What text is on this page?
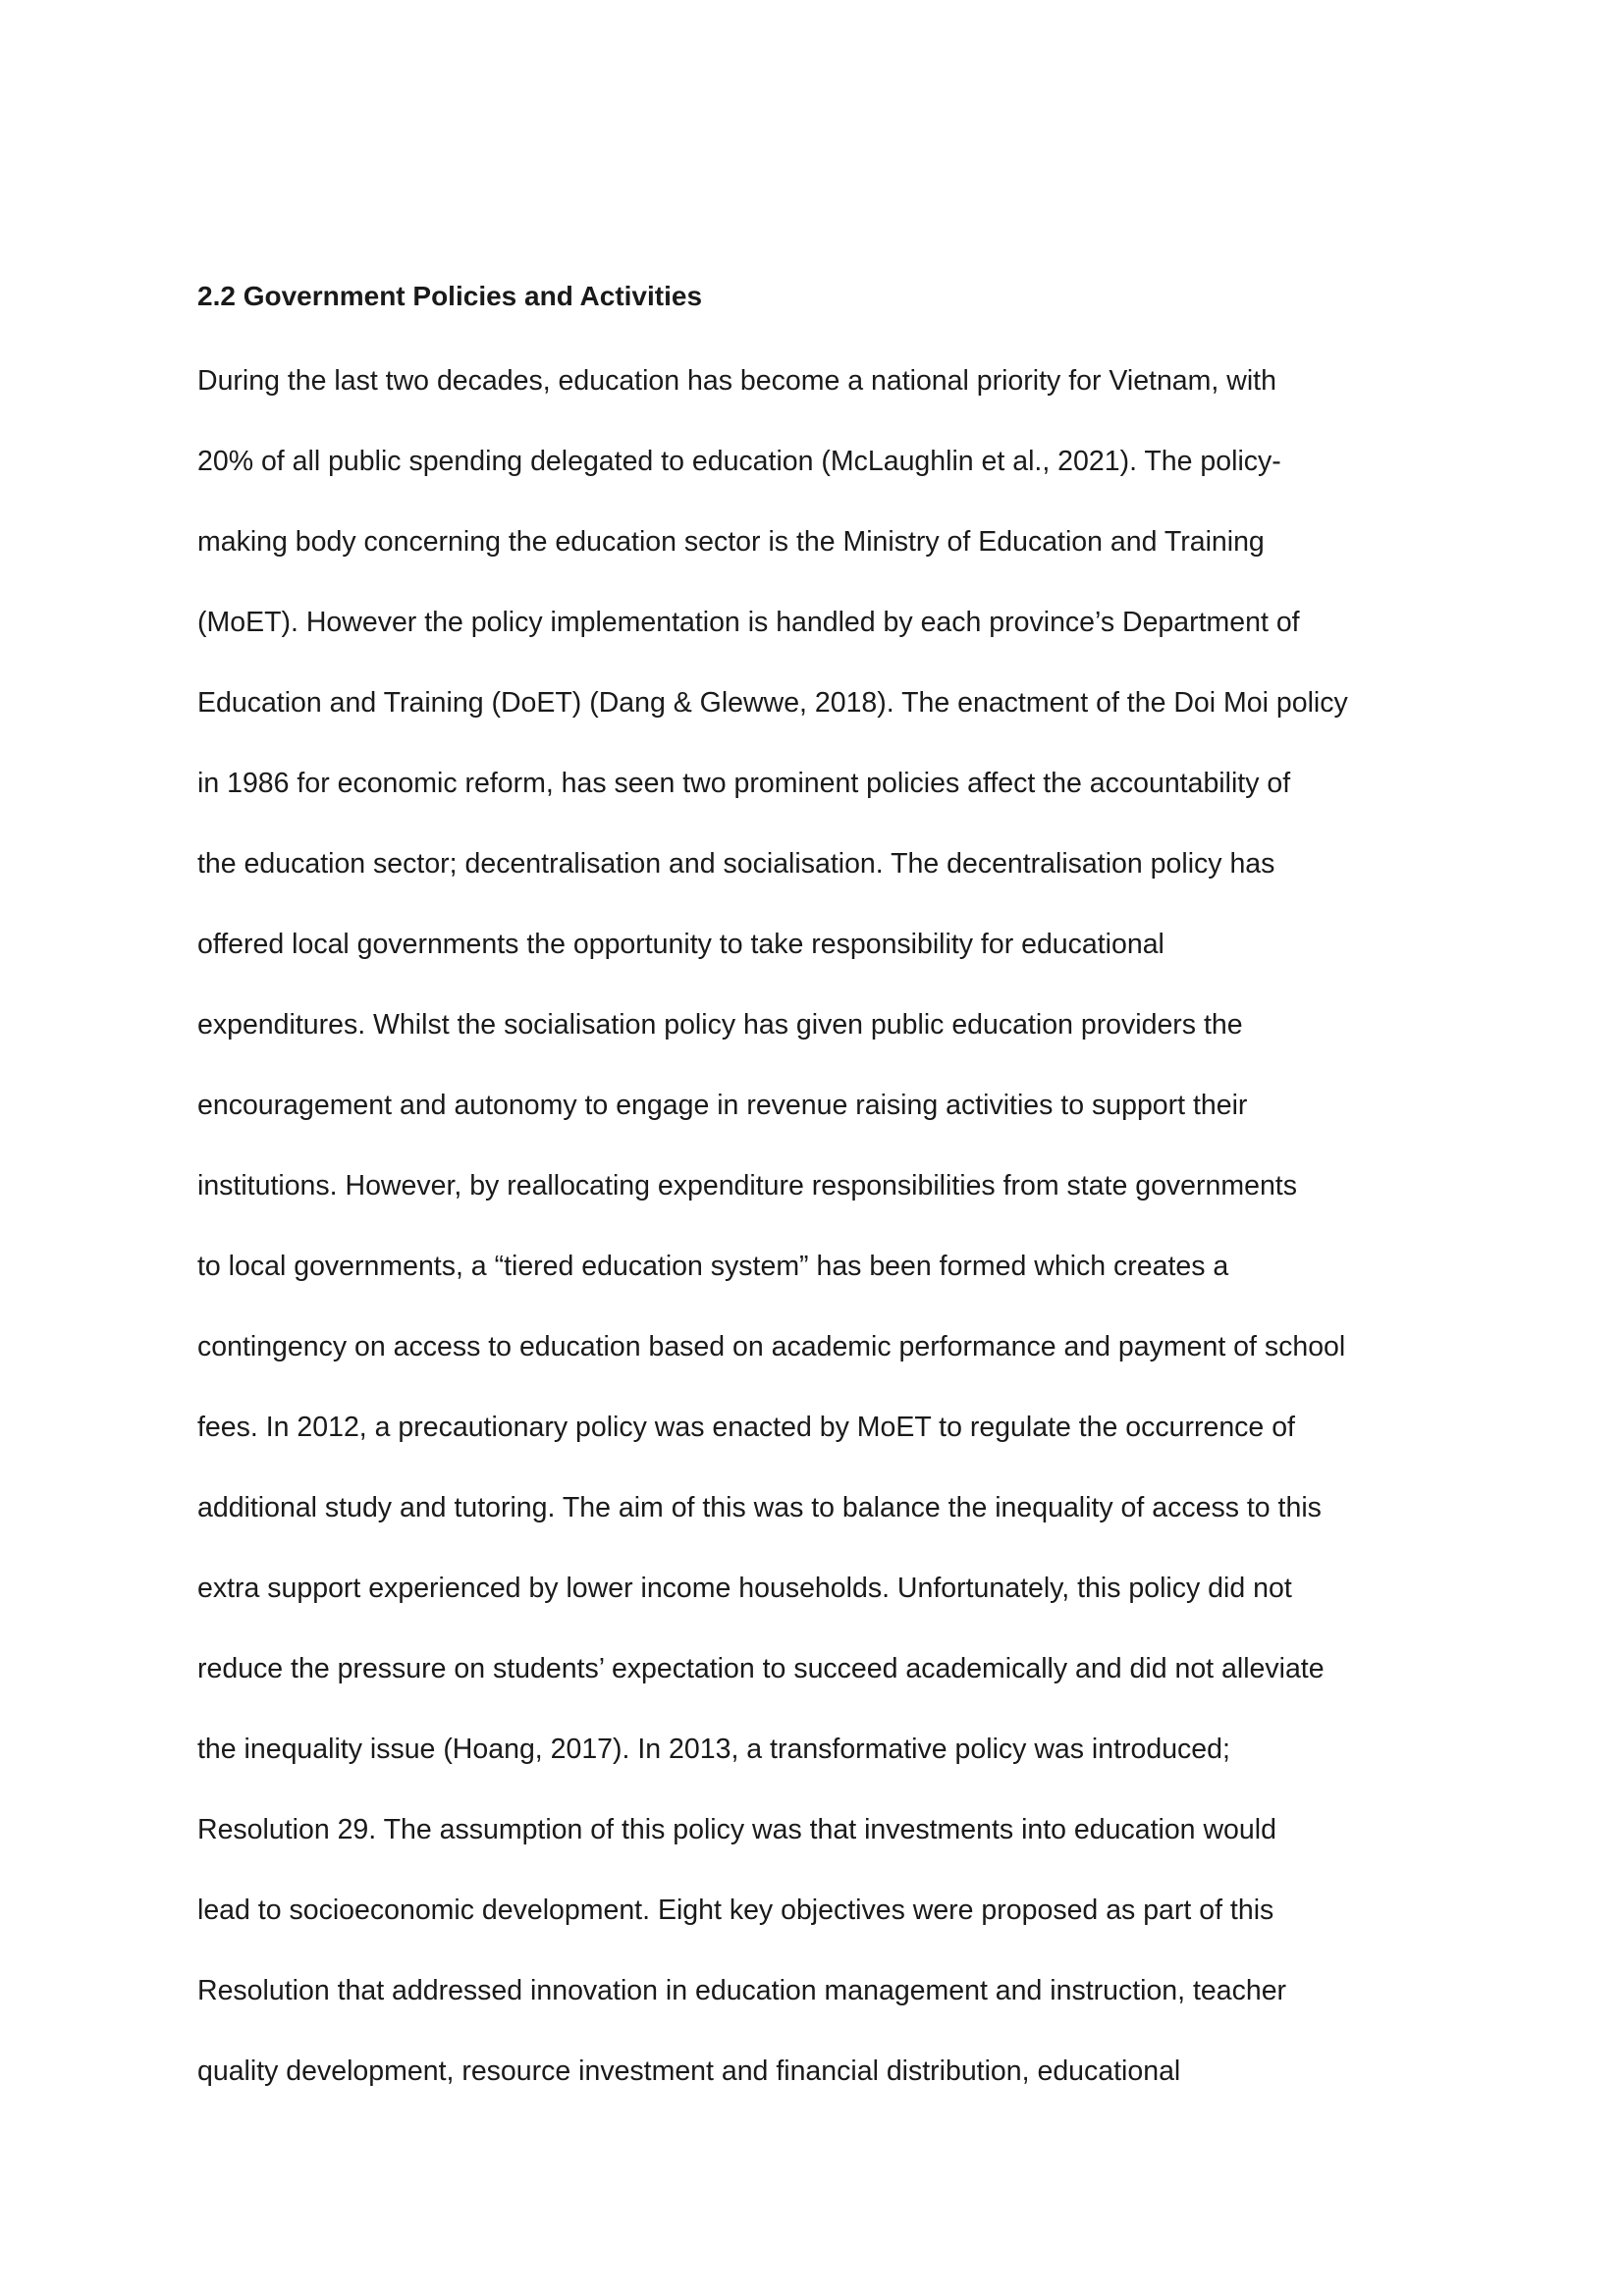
2.2 Government Policies and Activities
During the last two decades, education has become a national priority for Vietnam, with
20% of all public spending delegated to education (McLaughlin et al., 2021). The policy-
making body concerning the education sector is the Ministry of Education and Training
(MoET). However the policy implementation is handled by each province’s Department of
Education and Training (DoET) (Dang & Glewwe, 2018). The enactment of the Doi Moi policy
in 1986 for economic reform, has seen two prominent policies affect the accountability of
the education sector; decentralisation and socialisation. The decentralisation policy has
offered local governments the opportunity to take responsibility for educational
expenditures. Whilst the socialisation policy has given public education providers the
encouragement and autonomy to engage in revenue raising activities to support their
institutions. However, by reallocating expenditure responsibilities from state governments
to local governments, a “tiered education system” has been formed which creates a
contingency on access to education based on academic performance and payment of school
fees. In 2012, a precautionary policy was enacted by MoET to regulate the occurrence of
additional study and tutoring. The aim of this was to balance the inequality of access to this
extra support experienced by lower income households. Unfortunately, this policy did not
reduce the pressure on students’ expectation to succeed academically and did not alleviate
the inequality issue (Hoang, 2017). In 2013, a transformative policy was introduced;
Resolution 29. The assumption of this policy was that investments into education would
lead to socioeconomic development. Eight key objectives were proposed as part of this
Resolution that addressed innovation in education management and instruction, teacher
quality development, resource investment and financial distribution, educational
